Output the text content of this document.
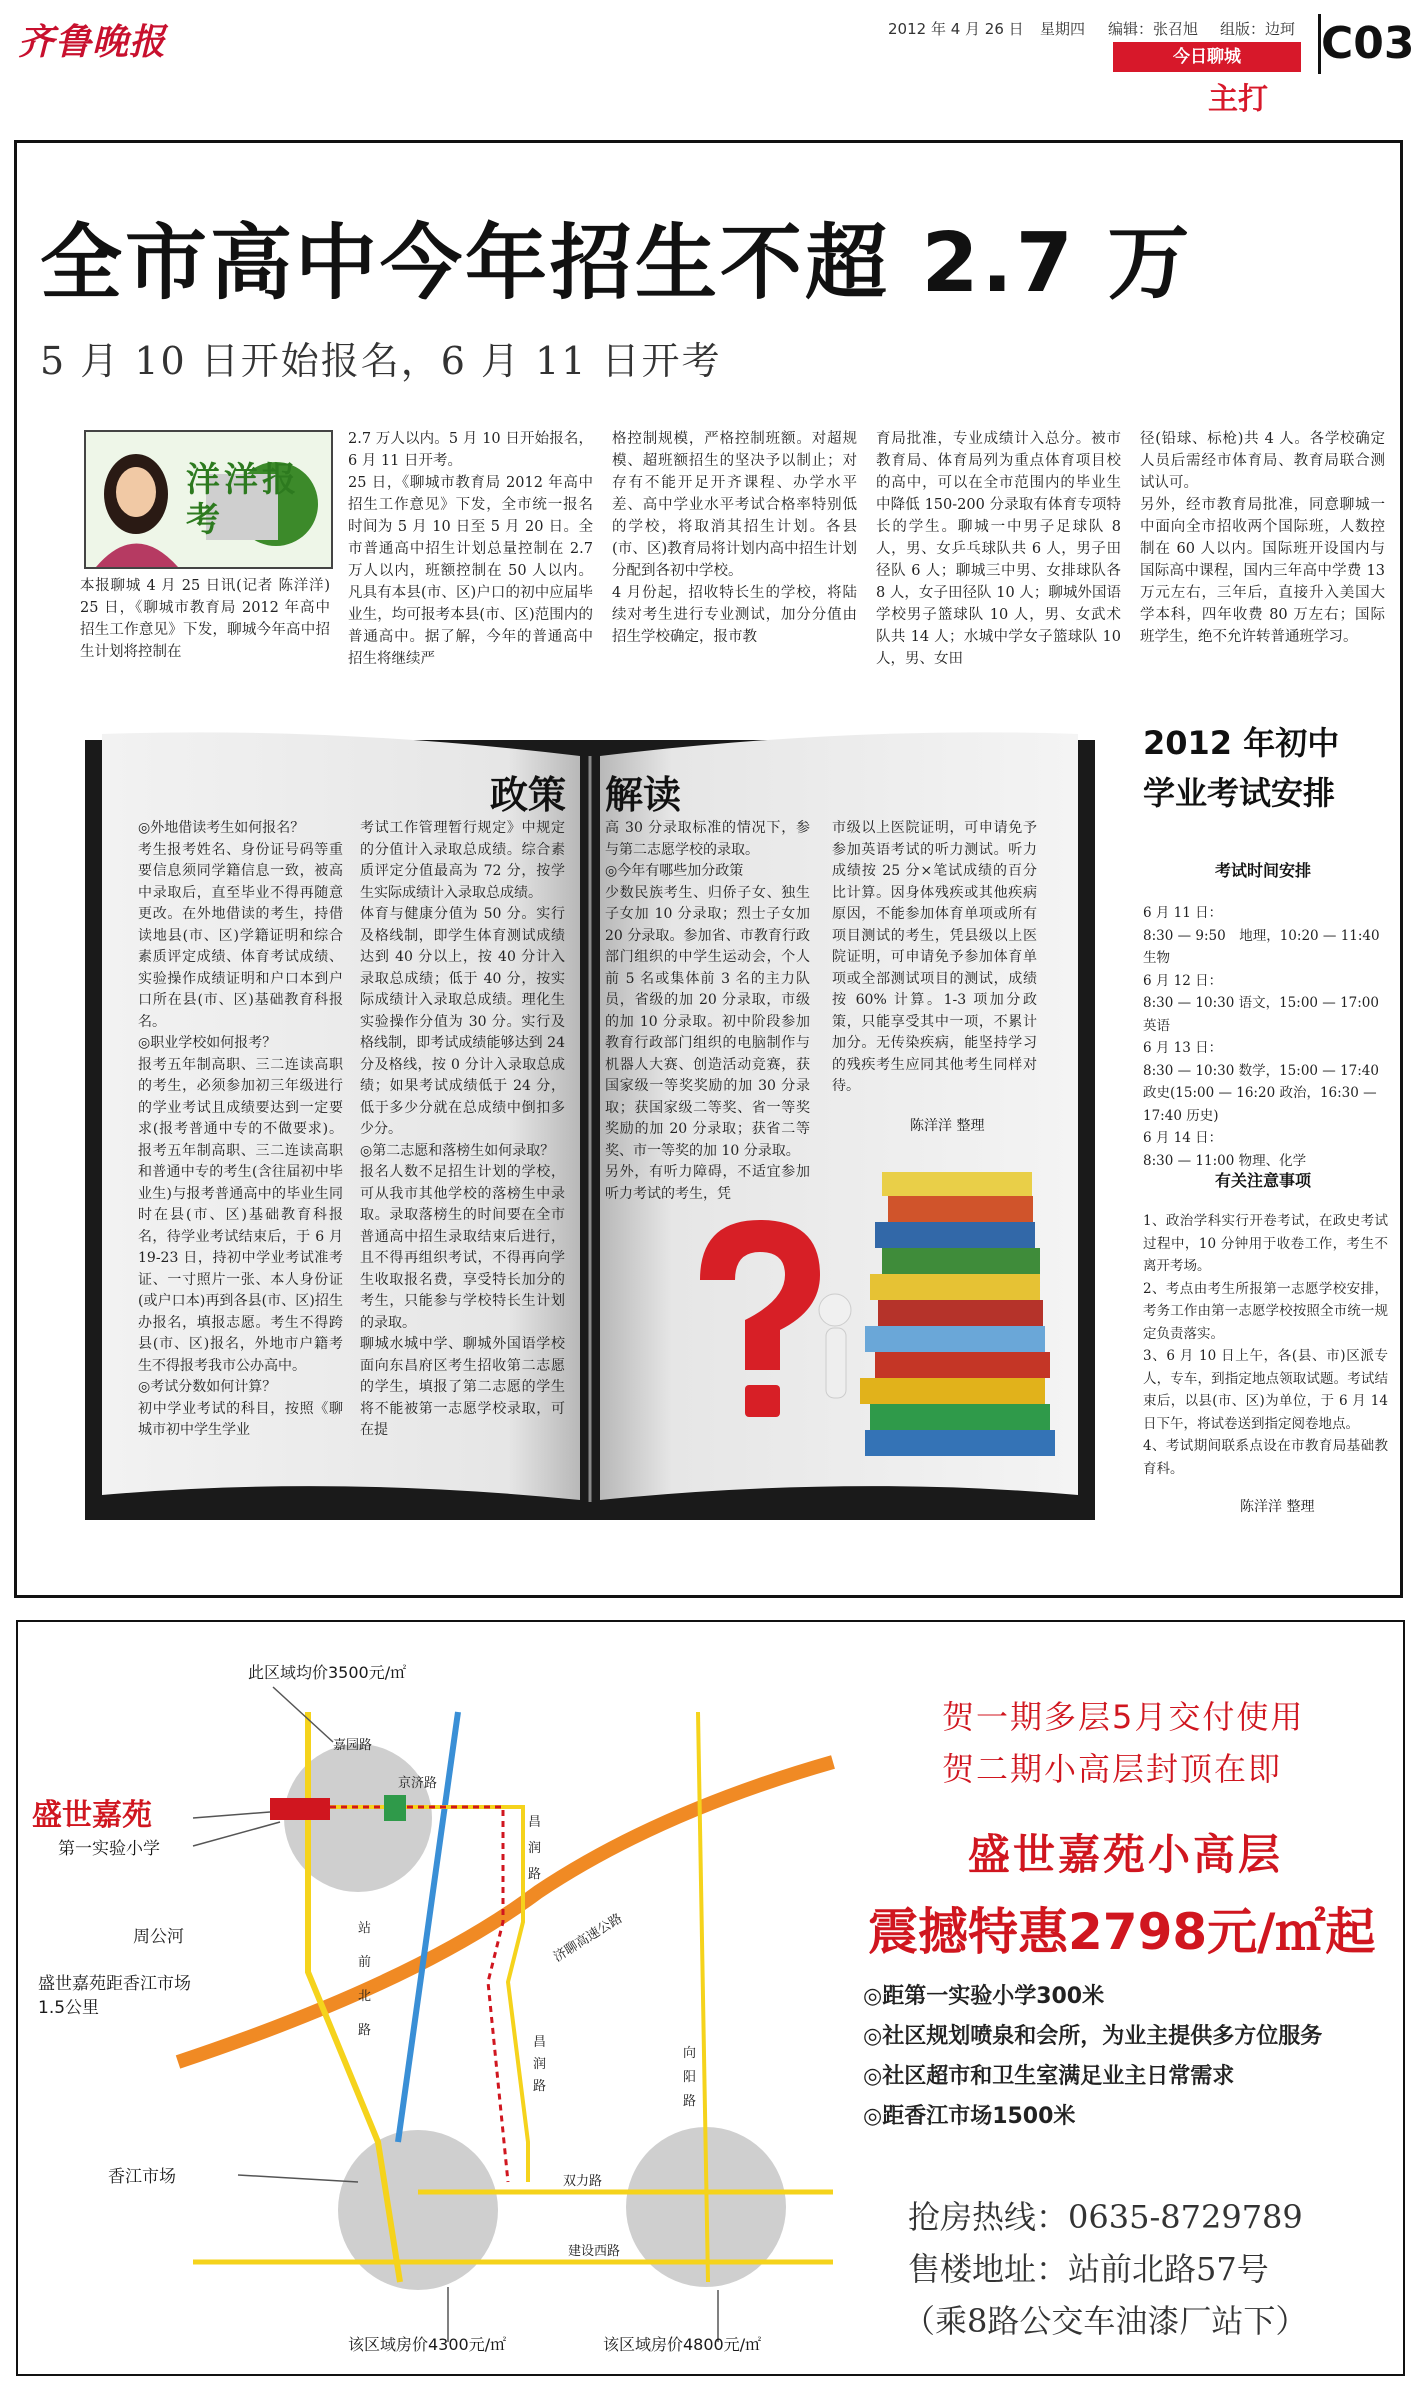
齐鲁晚报	2012 年 4 月 26 日 星期四 编辑：张召旭 组版：边珂
今日聊城
主打
C03
全市高中今年招生不超 2.7 万
5 月 10 日开始报名，6 月 11 日开考
洋洋报考
本报聊城 4 月 25 日讯(记者 陈洋洋) 25 日，《聊城市教育局 2012 年高中招生工作意见》下发，聊城今年高中招生计划将控制在
2.7 万人以内。5 月 10 日开始报名，6 月 11 日开考。
25 日，《聊城市教育局 2012 年高中招生工作意见》下发，全市统一报名时间为 5 月 10 日至 5 月 20 日。全市普通高中招生计划总量控制在 2.7 万人以内，班额控制在 50 人以内。凡具有本县(市、区)户口的初中应届毕业生，均可报考本县(市、区)范围内的普通高中。据了解，今年的普通高中招生将继续严
格控制规模，严格控制班额。对超规模、超班额招生的坚决予以制止；对存有不能开足开齐课程、办学水平差、高中学业水平考试合格率特别低的学校，将取消其招生计划。各县(市、区)教育局将计划内高中招生计划分配到各初中学校。
4 月份起，招收特长生的学校，将陆续对考生进行专业测试，加分分值由招生学校确定，报市教
育局批准，专业成绩计入总分。被市教育局、体育局列为重点体育项目校的高中，可以在全市范围内的毕业生中降低 150-200 分录取有体育专项特长的学生。聊城一中男子足球队 8 人，男、女乒乓球队共 6 人，男子田径队 6 人；聊城三中男、女排球队各 8 人，女子田径队 10 人；聊城外国语学校男子篮球队 10 人，男、女武术队共 14 人；水城中学女子篮球队 10 人，男、女田
径(铅球、标枪)共 4 人。各学校确定人员后需经市体育局、教育局联合测试认可。
另外，经市教育局批准，同意聊城一中面向全市招收两个国际班，人数控制在 60 人以内。国际班开设国内与国际高中课程，国内三年高中学费 13 万元左右，三年后，直接升入美国大学本科，四年收费 80 万左右；国际班学生，绝不允许转普通班学习。
政策 解读
◎外地借读考生如何报名？
考生报考姓名、身份证号码等重要信息须同学籍信息一致，被高中录取后，直至毕业不得再随意更改。在外地借读的考生，持借读地县(市、区)学籍证明和综合素质评定成绩、体育考试成绩、实验操作成绩证明和户口本到户口所在县(市、区)基础教育科报名。
◎职业学校如何报考？
报考五年制高职、三二连读高职的考生，必须参加初三年级进行的学业考试且成绩要达到一定要求(报考普通中专的不做要求)。报考五年制高职、三二连读高职和普通中专的考生(含往届初中毕业生)与报考普通高中的毕业生同时在县(市、区)基础教育科报名，待学业考试结束后，于 6 月 19-23 日，持初中学业考试准考证、一寸照片一张、本人身份证(或户口本)再到各县(市、区)招生办报名，填报志愿。考生不得跨县(市、区)报名，外地市户籍考生不得报考我市公办高中。
◎考试分数如何计算？
初中学业考试的科目，按照《聊城市初中学生学业
考试工作管理暂行规定》中规定的分值计入录取总成绩。综合素质评定分值最高为 72 分，按学生实际成绩计入录取总成绩。
体育与健康分值为 50 分。实行及格线制，即学生体育测试成绩达到 40 分以上，按 40 分计入录取总成绩；低于 40 分，按实际成绩计入录取总成绩。理化生实验操作分值为 30 分。实行及格线制，即考试成绩能够达到 24 分及格线，按 0 分计入录取总成绩；如果考试成绩低于 24 分，低于多少分就在总成绩中倒扣多少分。
◎第二志愿和落榜生如何录取？
报名人数不足招生计划的学校，可从我市其他学校的落榜生中录取。录取落榜生的时间要在全市普通高中招生录取结束后进行，且不得再组织考试，不得再向学生收取报名费，享受特长加分的考生，只能参与学校特长生计划的录取。
聊城水城中学、聊城外国语学校面向东昌府区考生招收第二志愿的学生，填报了第二志愿的学生将不能被第一志愿学校录取，可在提
高 30 分录取标准的情况下，参与第二志愿学校的录取。
◎今年有哪些加分政策
少数民族考生、归侨子女、独生子女加 10 分录取；烈士子女加 20 分录取。参加省、市教育行政部门组织的中学生运动会，个人前 5 名或集体前 3 名的主力队员，省级的加 20 分录取，市级的加 10 分录取。初中阶段参加教育行政部门组织的电脑制作与机器人大赛、创造活动竞赛，获国家级一等奖奖励的加 30 分录取；获国家级二等奖、省一等奖奖励的加 20 分录取；获省二等奖、市一等奖的加 10 分录取。
另外，有听力障碍，不适宜参加听力考试的考生，凭
市级以上医院证明，可申请免予参加英语考试的听力测试。听力成绩按 25 分×笔试成绩的百分比计算。因身体残疾或其他疾病原因，不能参加体育单项或所有项目测试的考生，凭县级以上医院证明，可申请免予参加体育单项或全部测试项目的测试，成绩按 60% 计算。1-3 项加分政策，只能享受其中一项，不累计加分。无传染疾病，能坚持学习的残疾考生应同其他考生同样对待。
陈洋洋 整理
2012 年初中
学业考试安排
考试时间安排
6 月 11 日：
8:30 — 9:50　地理，10:20 — 11:40　生物
6 月 12 日：
8:30 — 10:30 语文，15:00 — 17:00　英语
6 月 13 日：
8:30 — 10:30 数学，15:00 — 17:40　政史(15:00 — 16:20 政治，16:30 — 17:40 历史)
6 月 14 日：
8:30 — 11:00 物理、化学
有关注意事项
1、政治学科实行开卷考试，在政史考试过程中，10 分钟用于收卷工作，考生不离开考场。
2、考点由考生所报第一志愿学校安排，考务工作由第一志愿学校按照全市统一规定负责落实。
3、6 月 10 日上午，各(县、市)区派专人，专车，到指定地点领取试题。考试结束后，以县(市、区)为单位，于 6 月 14 日下午，将试卷送到指定阅卷地点。
4、考试期间联系点设在市教育局基础教育科。
陈洋洋 整理
此区域均价3500元/㎡
盛世嘉苑
第一实验小学
周公河
盛世嘉苑距香江市场1.5公里
香江市场
该区域房价4300元/㎡	该区域房价4800元/㎡
嘉园路
京济路
昌润路
济聊高速公路
站前北路
昌润路
向阳路
双力路
建设西路
贺一期多层5月交付使用
贺二期小高层封顶在即
盛世嘉苑小高层
震撼特惠2798元/㎡起
◎距第一实验小学300米
◎社区规划喷泉和会所，为业主提供多方位服务
◎社区超市和卫生室满足业主日常需求
◎距香江市场1500米
抢房热线：0635-8729789
售楼地址：站前北路57号
（乘8路公交车油漆厂站下）
